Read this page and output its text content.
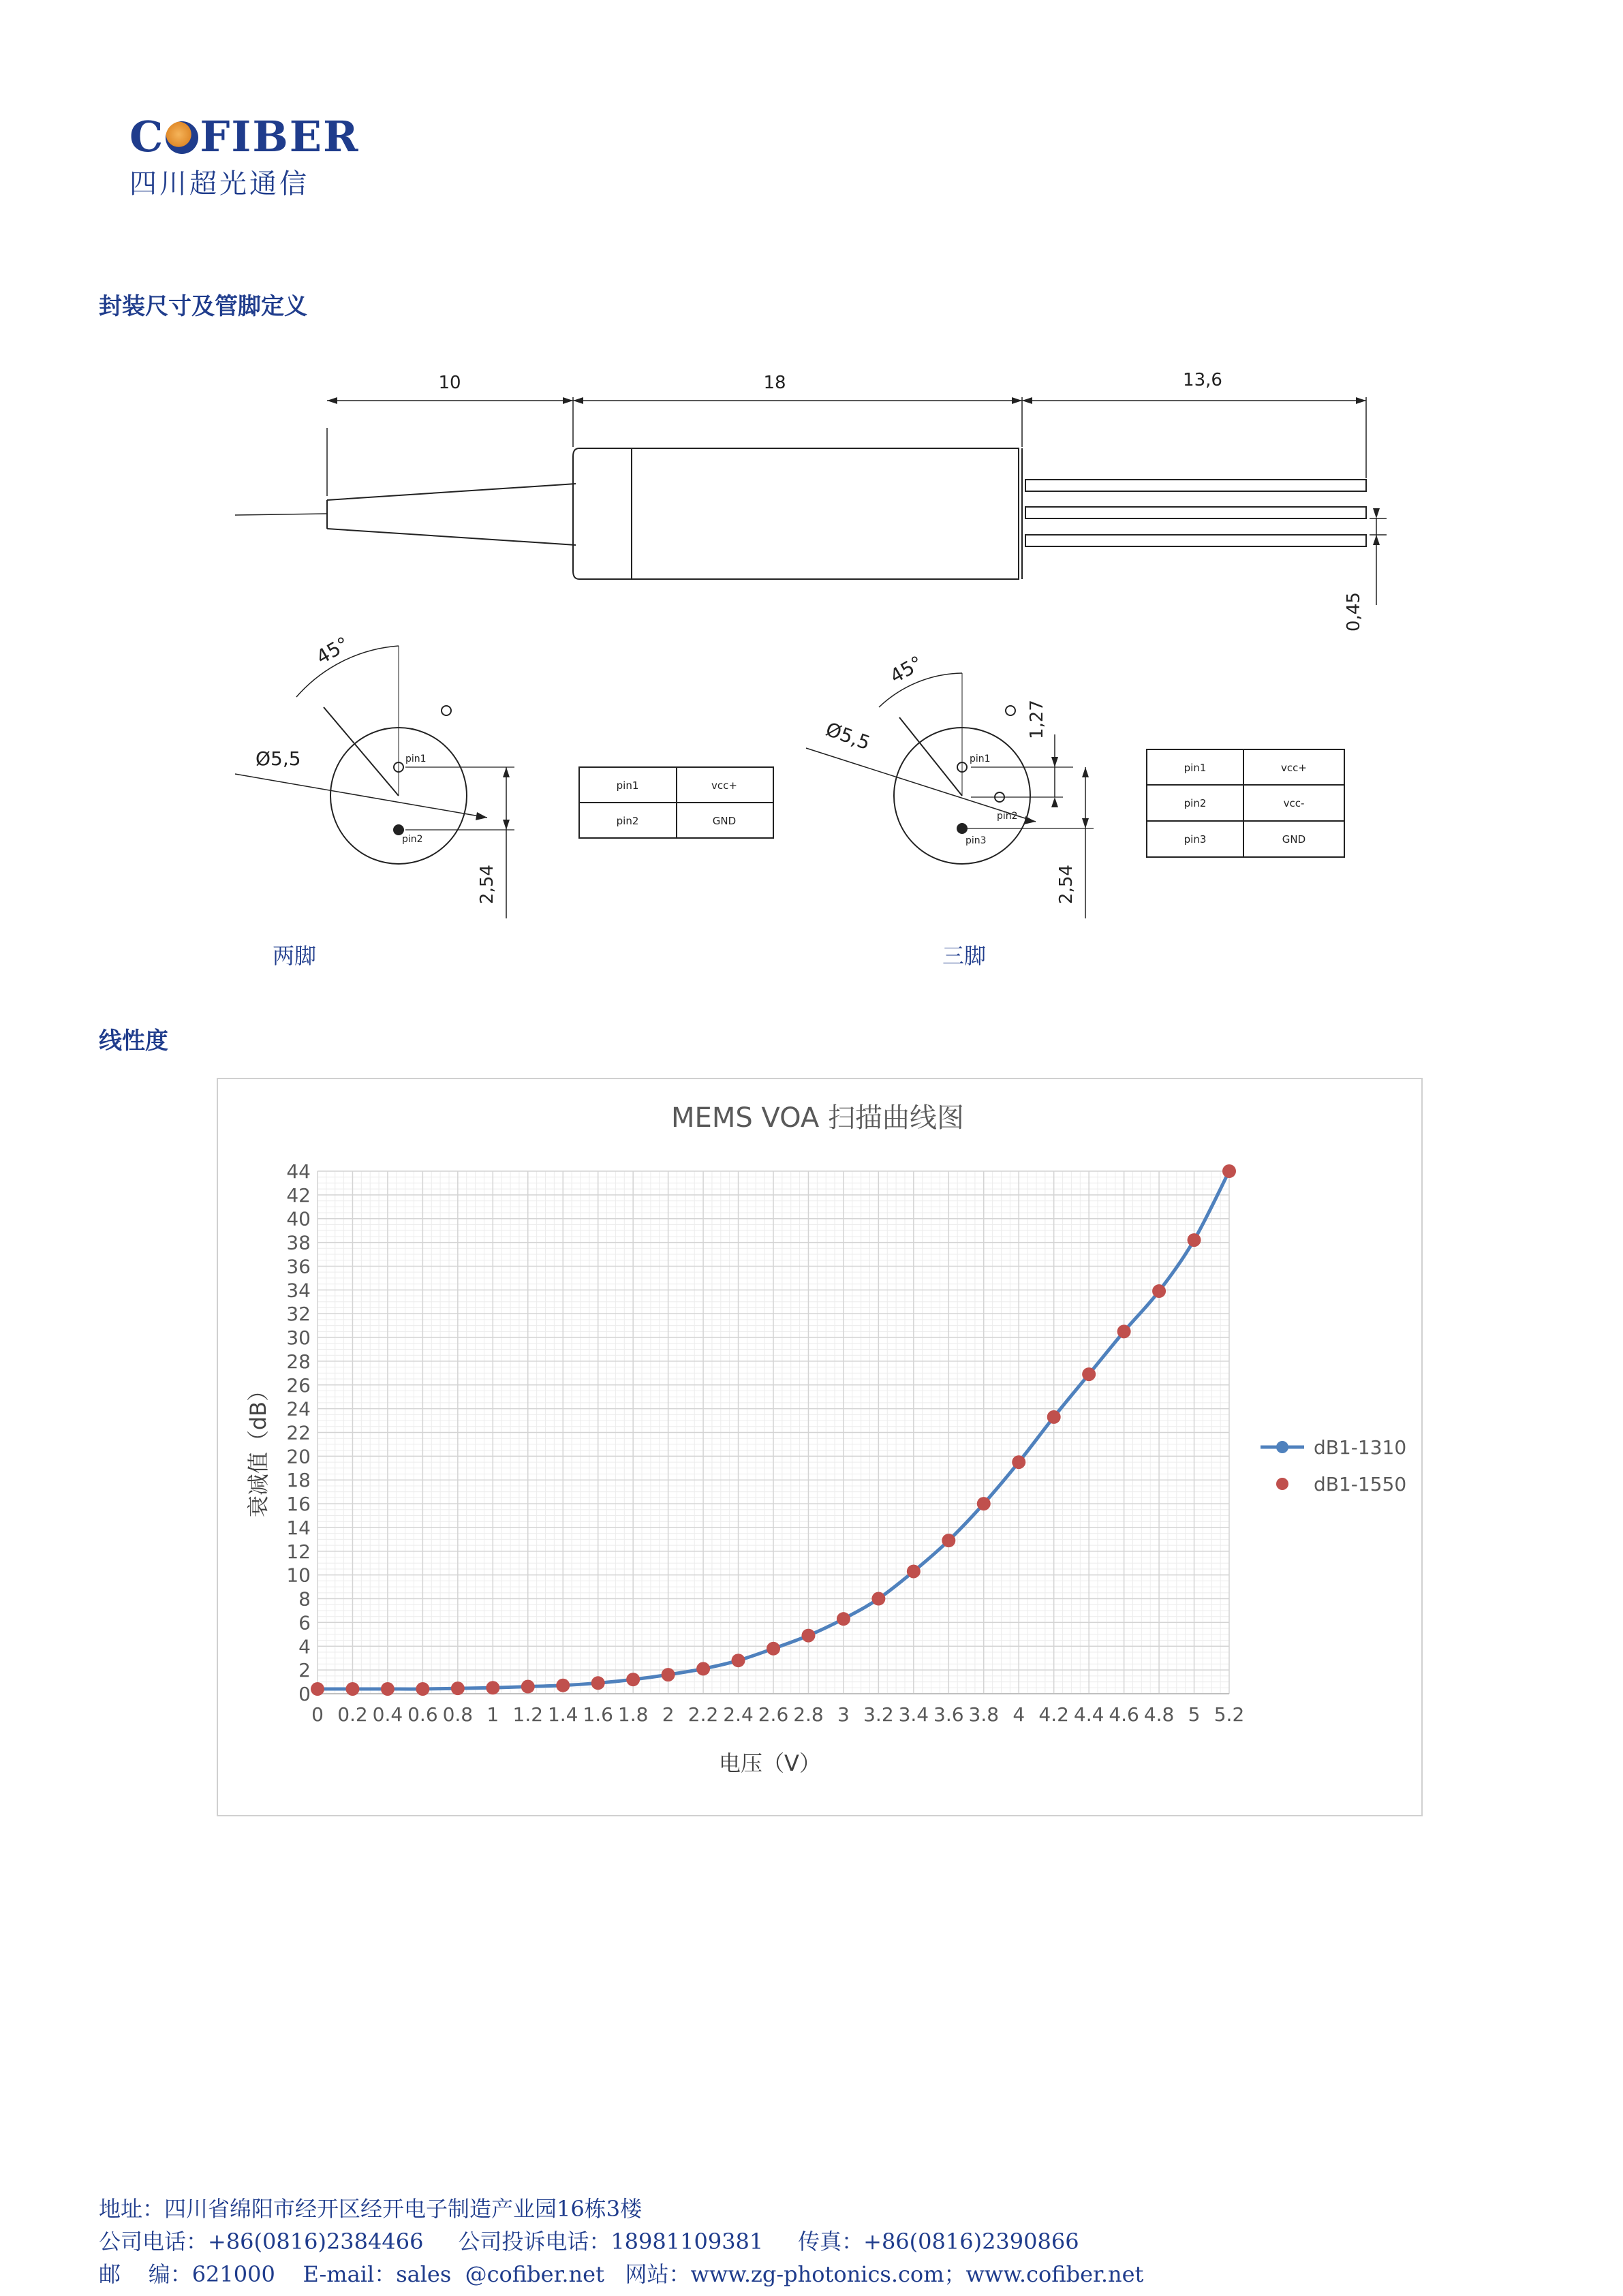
C FIBER
四川超光通信
封装尺寸及管脚定义
10	18	13,6
0,45
45°
Ø5,5
2,54
pin1
pin2
pin1	vcc+
pin2	GND
45°
Ø5,5	1,27
2,54
pin1
pin2
pin3
pin1	vcc+
pin2	vcc-
pin3	GND
两脚	三脚
线性度
MEMS VOA 扫描曲线图
0 0.2 0.4 0.6 0.8 1 1.2 1.4 1.6 1.8 2 2.2 2.4 2.6 2.8 3 3.2 3.4 3.6 3.8 4 4.2 4.4 4.6 4.8 5 5.2
0
2
4
6
8
10
12
14
16
18
20
22
24
26
28
30
32
34
36
38
40
42
44
电压（V）
衰减值（dB）	dB1-1310
dB1-1550
地址：四川省绵阳市经开区经开电子制造产业园16栋3楼
公司电话：+86(0816)2384466     公司投诉电话：18981109381     传真：+86(0816)2390866
邮    编：621000    E-mail：sales  @cofiber.net   网站：www.zg-photonics.com；www.cofiber.net
